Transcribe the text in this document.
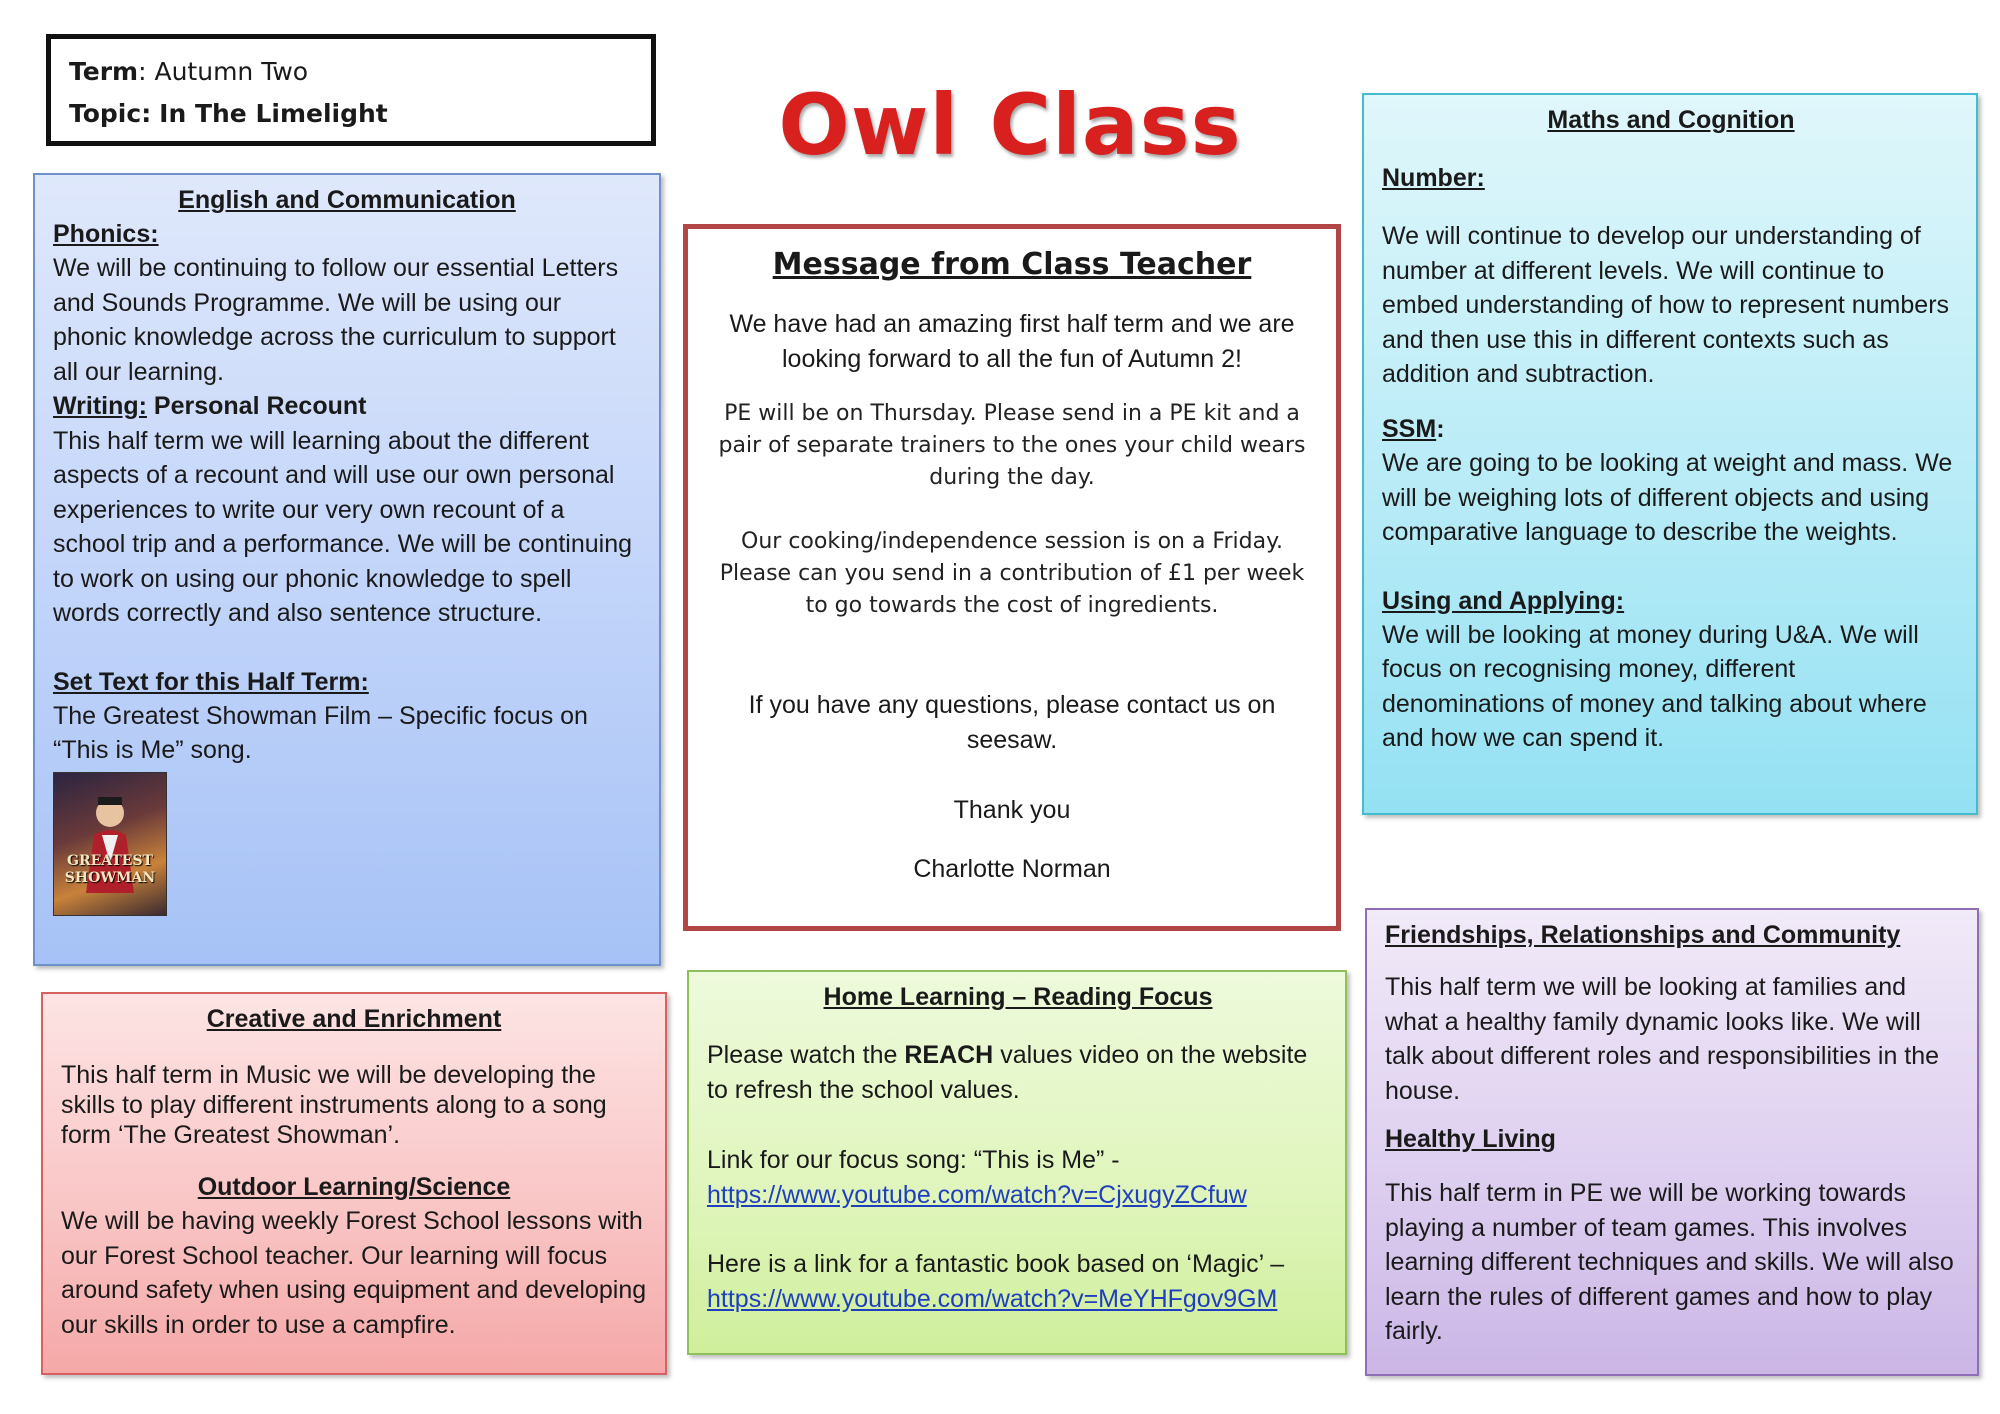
Term: Autumn Two
Topic: In The Limelight	Owl Class

English and Communication

Phonics:

We will be continuing to follow our essential Letters and Sounds Programme. We will be using our phonic knowledge across the curriculum to support all our learning.

Writing: Personal Recount

This half term we will learning about the different aspects of a recount and will use our own personal experiences to write our very own recount of a school trip and a performance. We will be continuing to work on using our phonic knowledge to spell words correctly and also sentence structure.

Set Text for this Half Term:

The Greatest Showman Film – Specific focus on “This is Me” song.

GREATEST SHOWMAN

Message from Class Teacher

We have had an amazing first half term and we are looking forward to all the fun of Autumn 2!

PE will be on Thursday. Please send in a PE kit and a pair of separate trainers to the ones your child wears during the day.

Our cooking/independence session is on a Friday. Please can you send in a contribution of £1 per week to go towards the cost of ingredients.

If you have any questions, please contact us on seesaw.

Thank you

Charlotte Norman

Maths and Cognition

Number:

We will continue to develop our understanding of number at different levels. We will continue to embed understanding of how to represent numbers and then use this in different contexts such as addition and subtraction.

SSM:

We are going to be looking at weight and mass. We will be weighing lots of different objects and using comparative language to describe the weights.

Using and Applying:

We will be looking at money during U&A. We will focus on recognising money, different denominations of money and talking about where and how we can spend it.

Creative and Enrichment

This half term in Music we will be developing the skills to play different instruments along to a song form ‘The Greatest Showman’.

Outdoor Learning/Science

We will be having weekly Forest School lessons with our Forest School teacher. Our learning will focus around safety when using equipment and developing our skills in order to use a campfire.

Home Learning – Reading Focus

Please watch the REACH values video on the website to refresh the school values.

Link for our focus song: “This is Me” -

https://www.youtube.com/watch?v=CjxugyZCfuw

Here is a link for a fantastic book based on ‘Magic’ –

https://www.youtube.com/watch?v=MeYHFgov9GM

Friendships, Relationships and Community

This half term we will be looking at families and what a healthy family dynamic looks like. We will talk about different roles and responsibilities in the house.

Healthy Living

This half term in PE we will be working towards playing a number of team games. This involves learning different techniques and skills. We will also learn the rules of different games and how to play fairly.
